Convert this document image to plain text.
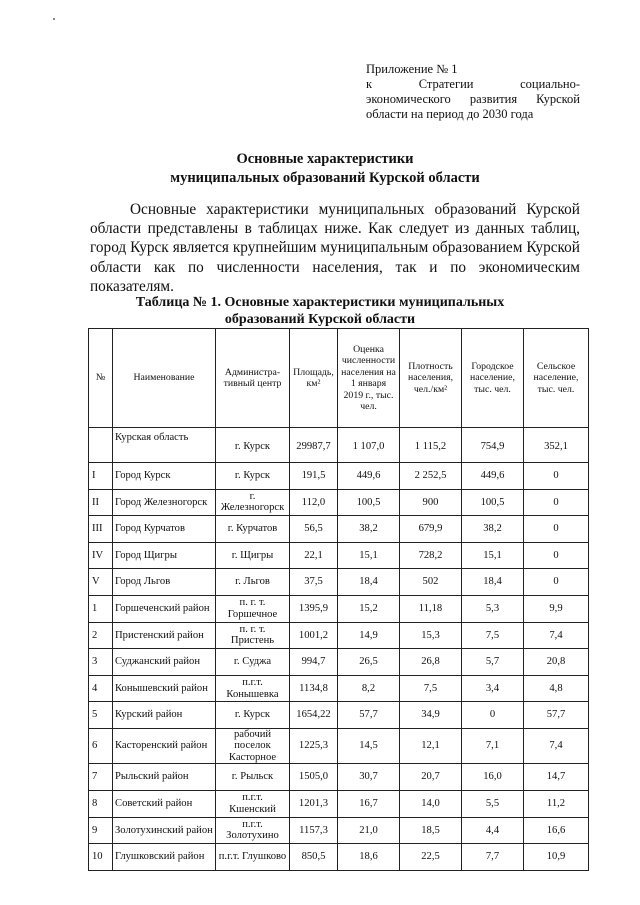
Приложение № 1
к Стратегии социально-
экономического развития Курской
области на период до 2030 года
Основные характеристики
муниципальных образований Курской области
Основные характеристики муниципальных образований Курской области представлены в таблицах ниже. Как следует из данных таблиц, город Курск является крупнейшим муниципальным образованием Курской области как по численности населения, так и по экономическим показателям.
Таблица № 1. Основные характеристики муниципальных
образований Курской области
№	Наименование	Администра-тивный центр	Площадь, км²	Оценка численности населения на 1 января 2019 г., тыс. чел.	Плотность населения, чел./км²	Городское население, тыс. чел.	Сельское население, тыс. чел.
	Курская область	г. Курск	29987,7	1 107,0	1 115,2	754,9	352,1
I	Город Курск	г. Курск	191,5	449,6	2 252,5	449,6	0
II	Город Железногорск	г. Железногорск	112,0	100,5	900	100,5	0
III	Город Курчатов	г. Курчатов	56,5	38,2	679,9	38,2	0
IV	Город Щигры	г. Щигры	22,1	15,1	728,2	15,1	0
V	Город Льгов	г. Льгов	37,5	18,4	502	18,4	0
1	Горшеченский район	п. г. т. Горшечное	1395,9	15,2	11,18	5,3	9,9
2	Пристенский район	п. г. т. Пристень	1001,2	14,9	15,3	7,5	7,4
3	Суджанский район	г. Суджа	994,7	26,5	26,8	5,7	20,8
4	Конышевский район	п.г.т. Конышевка	1134,8	8,2	7,5	3,4	4,8
5	Курский район	г. Курск	1654,22	57,7	34,9	0	57,7
6	Касторенский район	рабочий поселок Касторное	1225,3	14,5	12,1	7,1	7,4
7	Рыльский район	г. Рыльск	1505,0	30,7	20,7	16,0	14,7
8	Советский район	п.г.т. Кшенский	1201,3	16,7	14,0	5,5	11,2
9	Золотухинский район	п.г.т. Золотухино	1157,3	21,0	18,5	4,4	16,6
10	Глушковский район	п.г.т. Глушково	850,5	18,6	22,5	7,7	10,9
